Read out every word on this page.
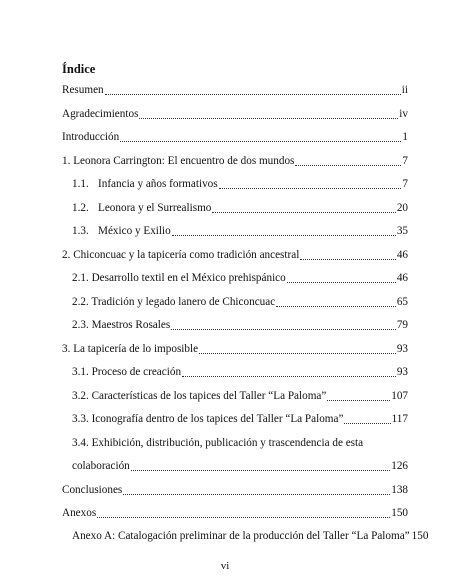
Índice
Resumen	ii
Agradecimientos	iv
Introducción	1
1. Leonora Carrington: El encuentro de dos mundos	7
1.1. Infancia y años formativos	7
1.2. Leonora y el Surrealismo	20
1.3. México y Exilio	35
2. Chiconcuac y la tapicería como tradición ancestral	46
2.1. Desarrollo textil en el México prehispánico	46
2.2. Tradición y legado lanero de Chiconcuac	65
2.3. Maestros Rosales	79
3. La tapicería de lo imposible	93
3.1. Proceso de creación	93
3.2. Características de los tapices del Taller “La Paloma”	107
3.3. Iconografía dentro de los tapices del Taller “La Paloma”	117
3.4. Exhibición, distribución, publicación y trascendencia de esta
colaboración	126
Conclusiones	138
Anexos	150
Anexo A: Catalogación preliminar de la producción del Taller “La Paloma” 150
vi
